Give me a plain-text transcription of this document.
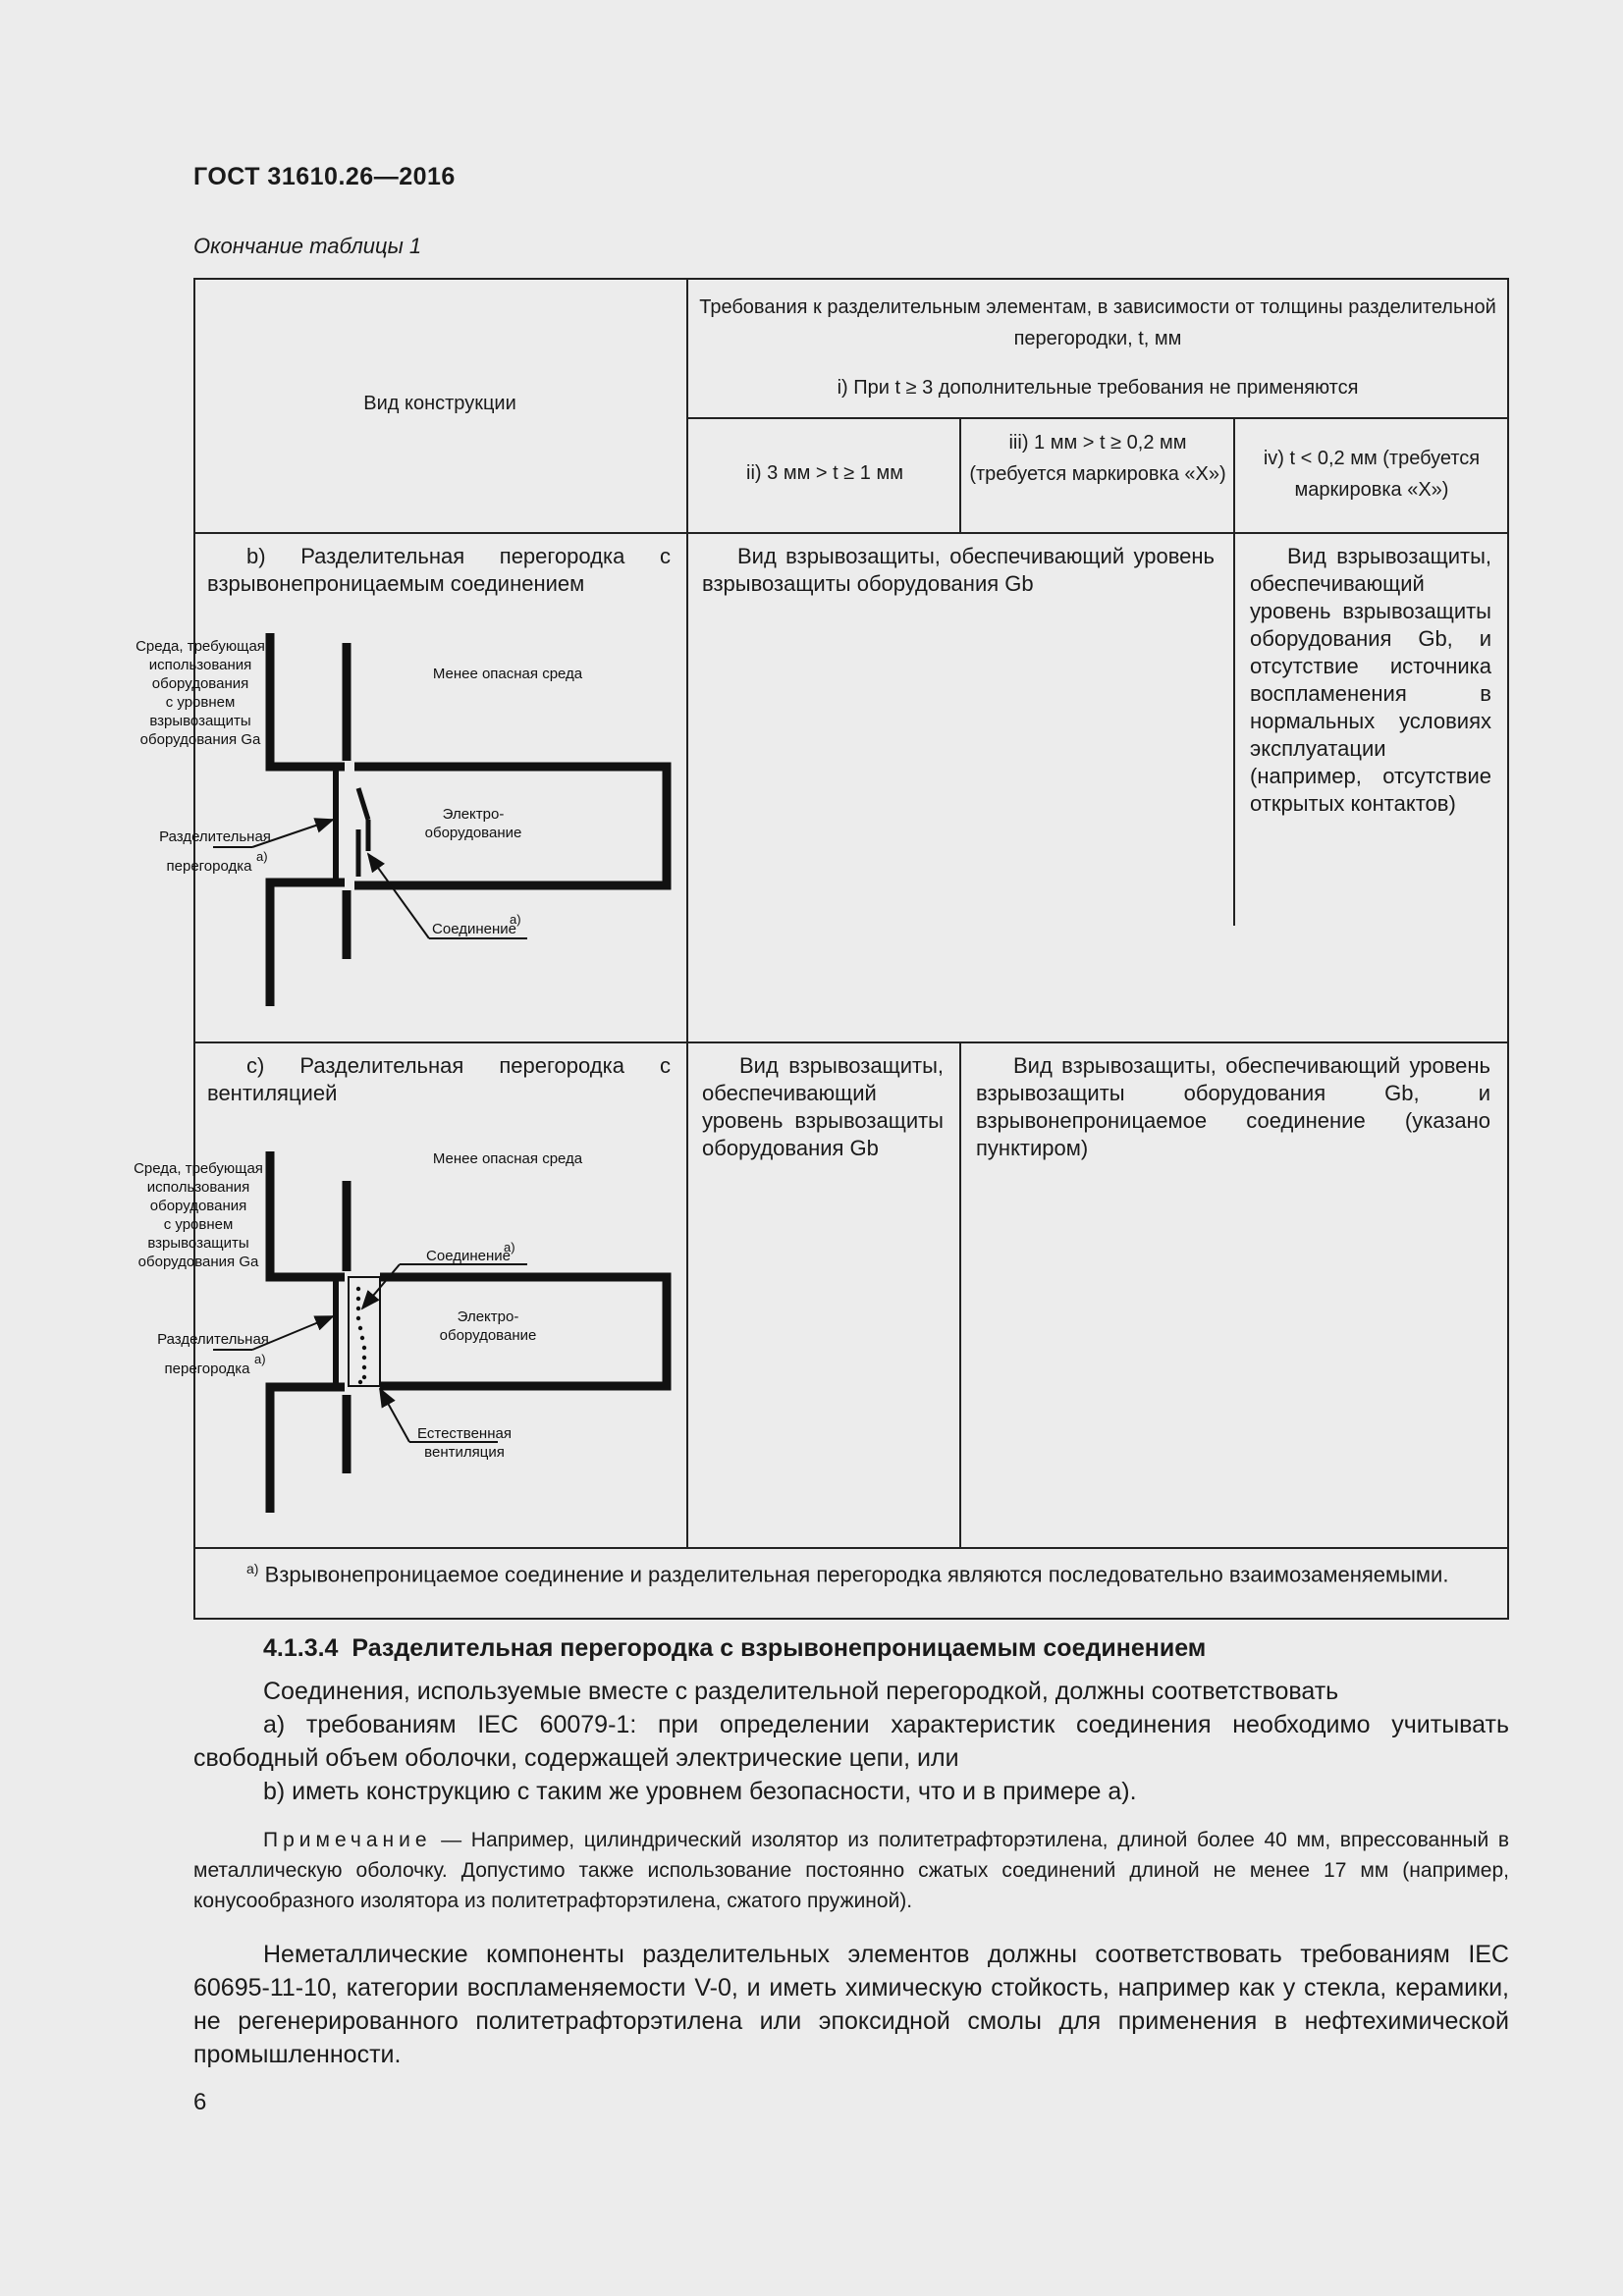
ГОСТ 31610.26—2016
Окончание таблицы 1
Вид конструкции
Требования к разделительным элементам, в зависимости от толщины разделительной перегородки, t, мм
i) При t ≥ 3 дополнительные требования не применяются
ii) 3 мм > t ≥ 1 мм
iii) 1 мм > t ≥ 0,2 мм (требуется маркировка «X»)
iv) t < 0,2 мм (требуется маркировка «X»)
b) Разделительная перегородка с взрывонепроницаемым соединением
Вид взрывозащиты, обеспечивающий уровень взрывозащиты оборудования Gb
Вид взрывозащиты, обеспечивающий уровень взрывозащиты оборудования Gb, и отсутствие источника воспламенения в нормальных условиях эксплуатации (например, отсутствие открытых контактов)
Среда, требующая
использования
оборудования
с уровнем
взрывозащиты
оборудования Ga
Менее опасная среда
Электро-
оборудование
Разделительная
перегородка
Соединение
a)
a)
c) Разделительная перегородка с вентиляцией
Вид взрывозащиты, обеспечивающий уровень взрывозащиты оборудования Gb
Вид взрывозащиты, обеспечивающий уровень взрывозащиты оборудования Gb, и взрывонепроницаемое соединение (указано пунктиром)
Среда, требующая
использования
оборудования
с уровнем
взрывозащиты
оборудования Ga
Менее опасная среда
Соединение
Электро-
оборудование
Разделительная
перегородка
Естественная
вентиляция
a)
a)
$^{a)}$ Взрывонепроницаемое соединение и разделительная перегородка являются последовательно взаимозаменяемыми.
4.1.3.4 Разделительная перегородка с взрывонепроницаемым соединением
Соединения, используемые вместе с разделительной перегородкой, должны соответствовать
a) требованиям IEC 60079-1: при определении характеристик соединения необходимо учитывать свободный объем оболочки, содержащей электрические цепи, или
b) иметь конструкцию с таким же уровнем безопасности, что и в примере a).
Примечание — Например, цилиндрический изолятор из политетрафторэтилена, длиной более 40 мм, впрессованный в металлическую оболочку. Допустимо также использование постоянно сжатых соединений длиной не менее 17 мм (например, конусообразного изолятора из политетрафторэтилена, сжатого пружиной).
Неметаллические компоненты разделительных элементов должны соответствовать требованиям IEC 60695-11-10, категории воспламеняемости V-0, и иметь химическую стойкость, например как у стекла, керамики, не регенерированного политетрафторэтилена или эпоксидной смолы для применения в нефтехимической промышленности.
6
